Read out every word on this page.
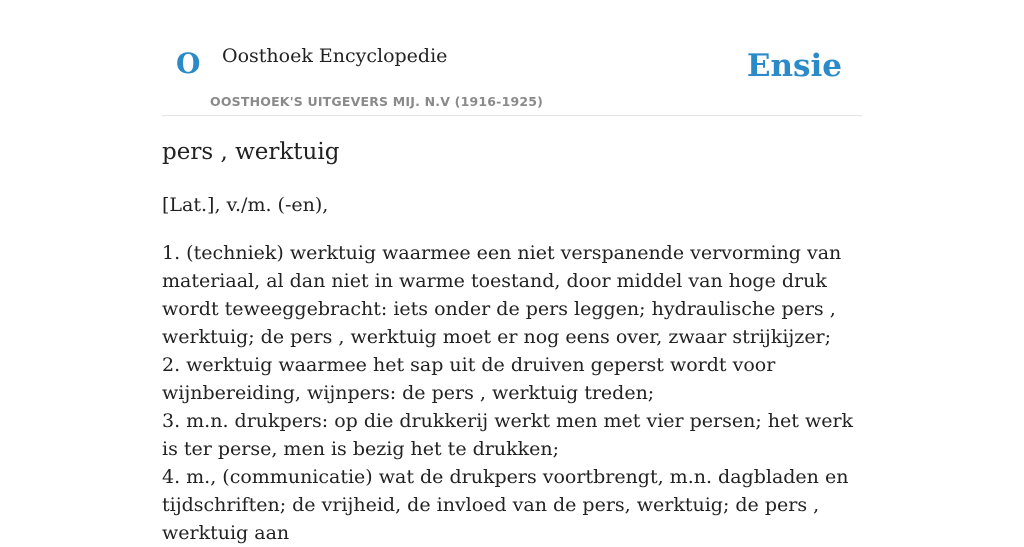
O Oosthoek Encyclopedie
OOSTHOEK'S UITGEVERS MIJ. N.V (1916-1925)
Ensie
pers , werktuig
[Lat.], v./m. (-en),

1. (techniek) werktuig waarmee een niet verspanende vervorming van materiaal, al dan niet in warme toestand, door middel van hoge druk wordt teweeggebracht: iets onder de pers leggen; hydraulische pers , werktuig; de pers , werktuig moet er nog eens over, zwaar strijkijzer;

2. werktuig waarmee het sap uit de druiven geperst wordt voor wijnbereiding, wijnpers: de pers , werktuig treden;

3. m.n. drukpers: op die drukkerij werkt men met vier persen; het werk is ter perse, men is bezig het te drukken;

4. m., (communicatie) wat de drukpers voortbrengt, m.n. dagbladen en tijdschriften; de vrijheid, de invloed van de pers, werktuig; de pers , werktuig aan
